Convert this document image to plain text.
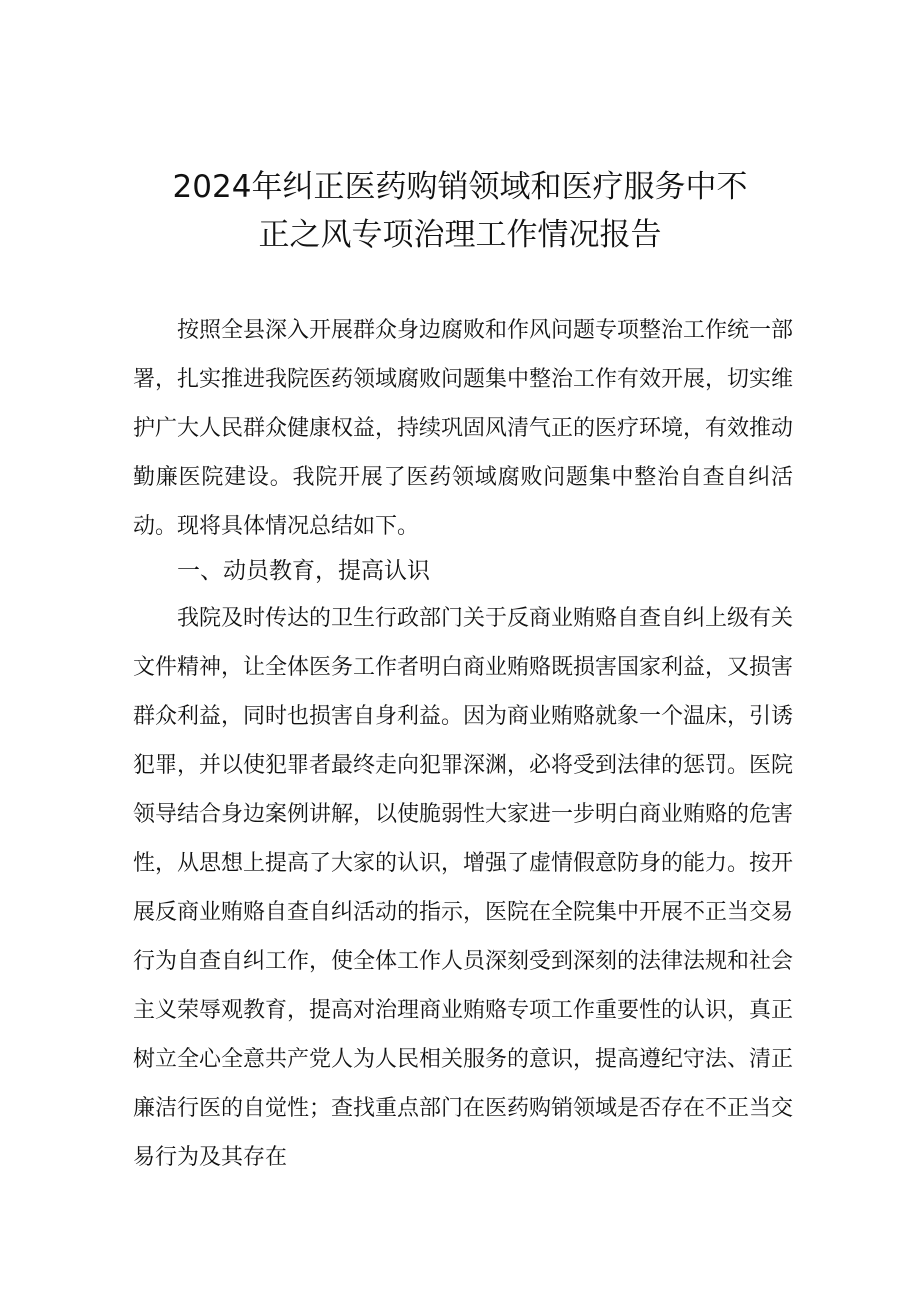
2024年纠正医药购销领域和医疗服务中不
正之风专项治理工作情况报告

按照全县深入开展群众身边腐败和作风问题专项整治工作统一部署，扎实推进我院医药领域腐败问题集中整治工作有效开展，切实维护广大人民群众健康权益，持续巩固风清气正的医疗环境，有效推动勤廉医院建设。我院开展了医药领域腐败问题集中整治自查自纠活动。现将具体情况总结如下。

一、动员教育，提高认识

我院及时传达的卫生行政部门关于反商业贿赂自查自纠上级有关文件精神，让全体医务工作者明白商业贿赂既损害国家利益，又损害群众利益，同时也损害自身利益。因为商业贿赂就象一个温床，引诱犯罪，并以使犯罪者最终走向犯罪深渊，必将受到法律的惩罚。医院领导结合身边案例讲解，以使脆弱性大家进一步明白商业贿赂的危害性，从思想上提高了大家的认识，增强了虚情假意防身的能力。按开展反商业贿赂自查自纠活动的指示，医院在全院集中开展不正当交易行为自查自纠工作，使全体工作人员深刻受到深刻的法律法规和社会主义荣辱观教育，提高对治理商业贿赂专项工作重要性的认识，真正树立全心全意共产党人为人民相关服务的意识，提高遵纪守法、清正廉洁行医的自觉性；查找重点部门在医药购销领域是否存在不正当交易行为及其存在
